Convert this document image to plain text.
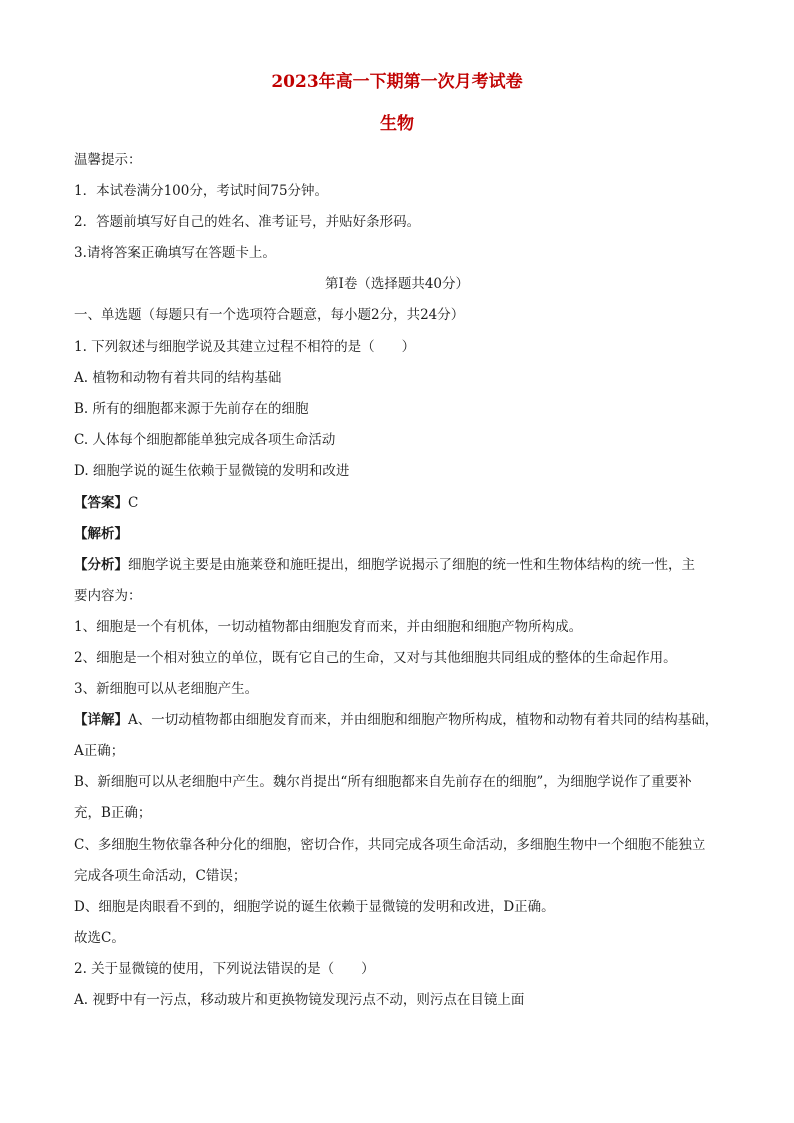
2023年高一下期第一次月考试卷
生物
温馨提示：
1．本试卷满分100分，考试时间75分钟。
2．答题前填写好自己的姓名、准考证号，并贴好条形码。
3.请将答案正确填写在答题卡上。
第I卷（选择题共40分）
一、单选题（每题只有一个选项符合题意，每小题2分，共24分）
1. 下列叙述与细胞学说及其建立过程不相符的是（　　）
A. 植物和动物有着共同的结构基础
B. 所有的细胞都来源于先前存在的细胞
C. 人体每个细胞都能单独完成各项生命活动
D. 细胞学说的诞生依赖于显微镜的发明和改进
【答案】C
【解析】
【分析】细胞学说主要是由施莱登和施旺提出，细胞学说揭示了细胞的统一性和生物体结构的统一性，主
要内容为：
1、细胞是一个有机体，一切动植物都由细胞发育而来，并由细胞和细胞产物所构成。
2、细胞是一个相对独立的单位，既有它自己的生命，又对与其他细胞共同组成的整体的生命起作用。
3、新细胞可以从老细胞产生。
【详解】A、一切动植物都由细胞发育而来，并由细胞和细胞产物所构成，植物和动物有着共同的结构基础，
A正确；
B、新细胞可以从老细胞中产生。魏尔肖提出“所有细胞都来自先前存在的细胞”，为细胞学说作了重要补
充，B正确；
C、多细胞生物依靠各种分化的细胞，密切合作，共同完成各项生命活动，多细胞生物中一个细胞不能独立
完成各项生命活动，C错误；
D、细胞是肉眼看不到的，细胞学说的诞生依赖于显微镜的发明和改进，D正确。
故选C。
2. 关于显微镜的使用，下列说法错误的是（　　）
A. 视野中有一污点，移动玻片和更换物镜发现污点不动，则污点在目镜上面
